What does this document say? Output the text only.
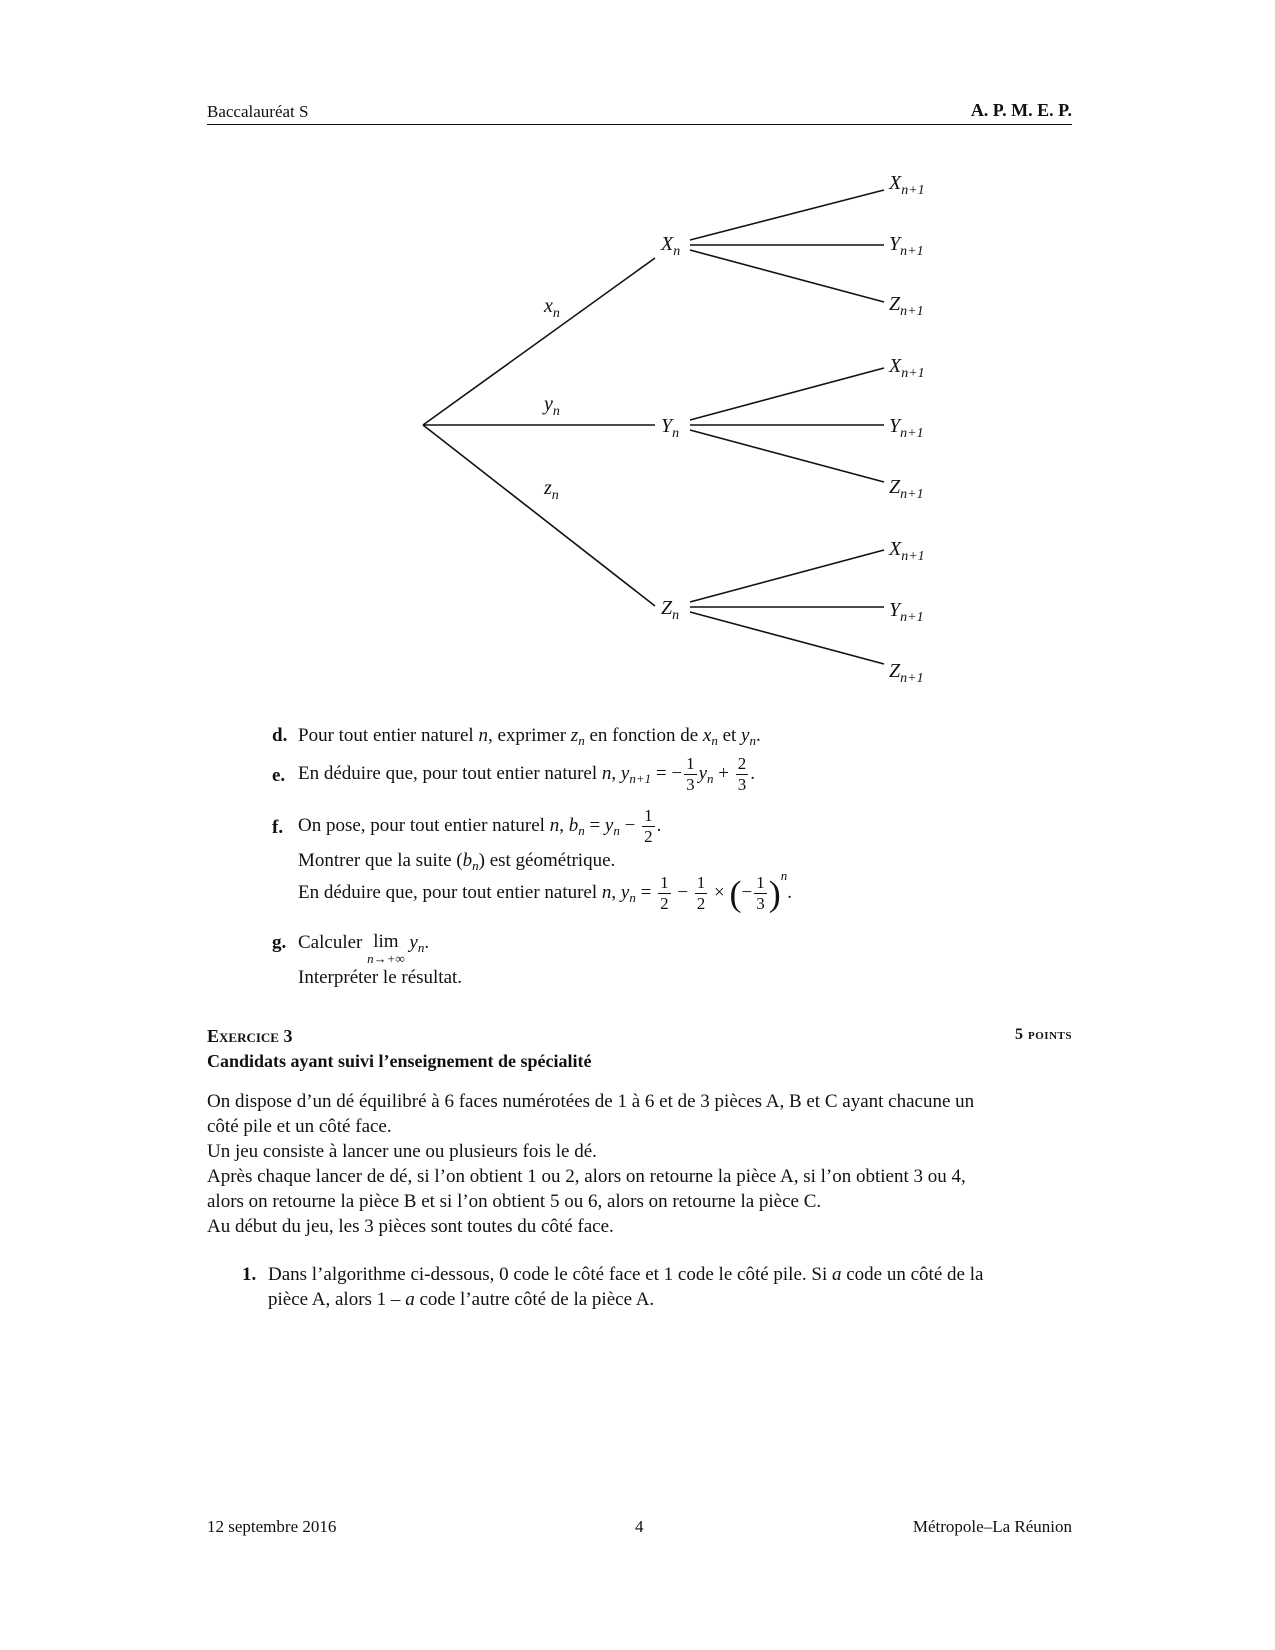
Baccalauréat S	A. P. M. E. P.
$x_n$
$y_n$
$z_n$
$X_n$
$Y_n$
$Z_n$
$X_{n+1}$
$Y_{n+1}$
$Z_{n+1}$
$X_{n+1}$
$Y_{n+1}$
$Z_{n+1}$
$X_{n+1}$
$Y_{n+1}$
$Z_{n+1}$
d. Pour tout entier naturel n, exprimer $z_n$ en fonction de $x_n$ et $y_n$.
e. En déduire que, pour tout entier naturel n, $y_{n+1}$ = − $\frac{1}{3} y_n + \frac{2}{3}$ .
f. On pose, pour tout entier naturel n, $b_n = y_n - \frac{1}{2}$ .
Montrer que la suite $(b_n)$ est géométrique.
En déduire que, pour tout entier naturel n, $y_n = \frac{1}{2} - \frac{1}{2}$ × (− $\frac{1}{3} )^n$.
g. Calculer lim
n→+∞
$y_n$.
Interpréter le résultat.
Exercice 3	5 points
Candidats ayant suivi l’enseignement de spécialité
On dispose d’un dé équilibré à 6 faces numérotées de 1 à 6 et de 3 pièces A, B et C ayant chacune un
côté pile et un côté face.
Un jeu consiste à lancer une ou plusieurs fois le dé.
Après chaque lancer de dé, si l’on obtient 1 ou 2, alors on retourne la pièce A, si l’on obtient 3 ou 4,
alors on retourne la pièce B et si l’on obtient 5 ou 6, alors on retourne la pièce C.
Au début du jeu, les 3 pièces sont toutes du côté face.
1. Dans l’algorithme ci-dessous, 0 code le côté face et 1 code le côté pile. Si a code un côté de la
pièce A, alors 1 – a code l’autre côté de la pièce A.
12 septembre 2016	4	Métropole–La Réunion
